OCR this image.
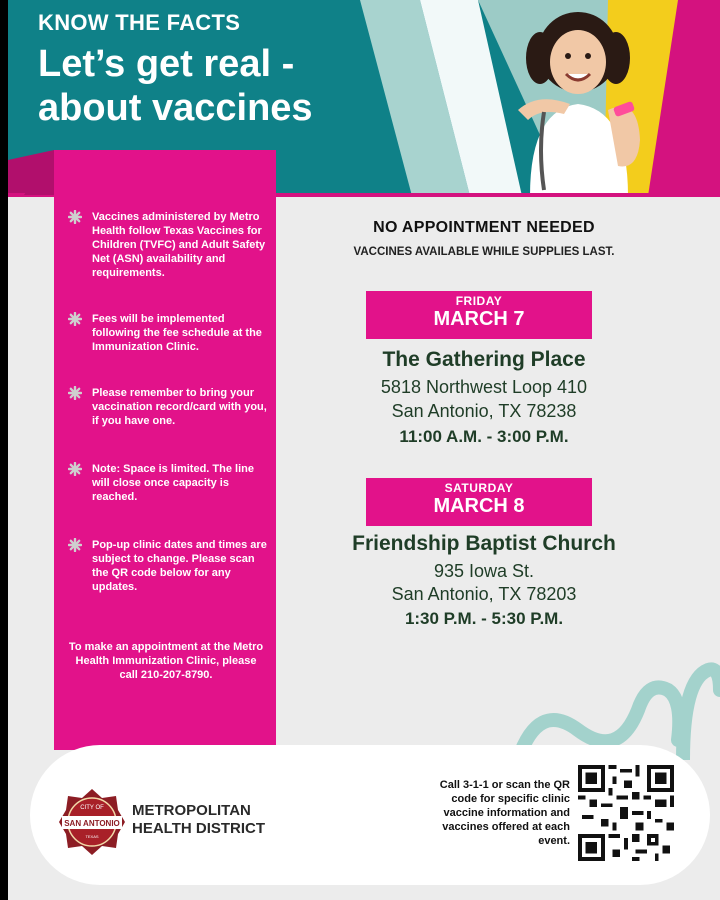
KNOW THE FACTS
Let’s get real -
about vaccines
Vaccines administered by Metro Health follow Texas Vaccines for Children (TVFC) and Adult Safety Net (ASN) availability and requirements.
Fees will be implemented following the fee schedule at the Immunization Clinic.
Please remember to bring your vaccination record/card with you, if you have one.
Note: Space is limited. The line will close once capacity is reached.
Pop-up clinic dates and times are subject to change. Please scan the QR code below for any updates.
To make an appointment at the Metro Health Immunization Clinic, please call 210-207-8790.
NO APPOINTMENT NEEDED
VACCINES AVAILABLE WHILE SUPPLIES LAST.
FRIDAY
MARCH 7
The Gathering Place
5818 Northwest Loop 410
San Antonio, TX 78238
11:00 A.M. - 3:00 P.M.
SATURDAY
MARCH 8
Friendship Baptist Church
935 Iowa St.
San Antonio, TX 78203
1:30 P.M. - 5:30 P.M.
CITY OF
SAN ANTONIO
TEXAS
METROPOLITAN
HEALTH DISTRICT
Call 3-1-1 or scan the QR code for specific clinic vaccine information and vaccines offered at each event.
